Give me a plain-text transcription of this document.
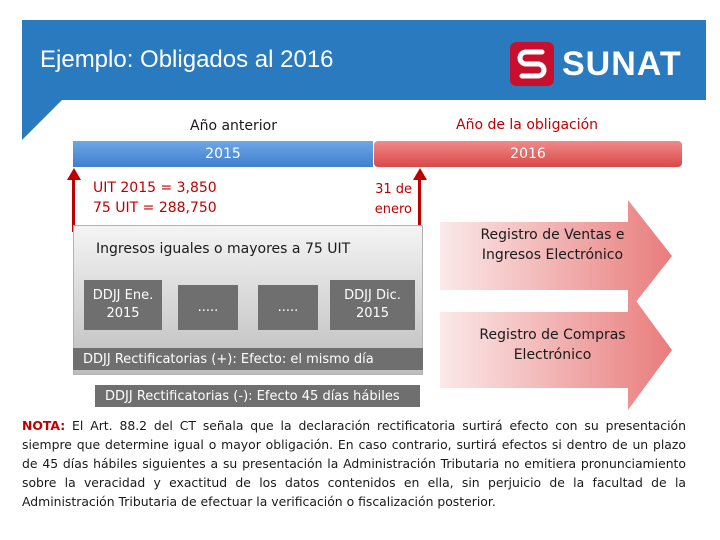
Ejemplo: Obligados al 2016	SUNAT
Año anterior	Año de la obligación
2015	2016
UIT 2015 = 3,850
75 UIT = 288,750
31 de
enero
Ingresos iguales o mayores a 75 UIT
DDJJ Ene.
2015	.....	.....
DDJJ Dic.
2015
DDJJ Rectificatorias (+): Efecto: el mismo día
DDJJ Rectificatorias (-): Efecto 45 días hábiles
Registro de Ventas e
Ingresos Electrónico
Registro de Compras
Electrónico
NOTA: El Art. 88.2 del CT señala que la declaración rectificatoria surtirá efecto con su presentación siempre que determine igual o mayor obligación. En caso contrario, surtirá efectos si dentro de un plazo de 45 días hábiles siguientes a su presentación la Administración Tributaria no emitiera pronunciamiento sobre la veracidad y exactitud de los datos contenidos en ella, sin perjuicio de la facultad de la Administración Tributaria de efectuar la verificación o fiscalización posterior.
